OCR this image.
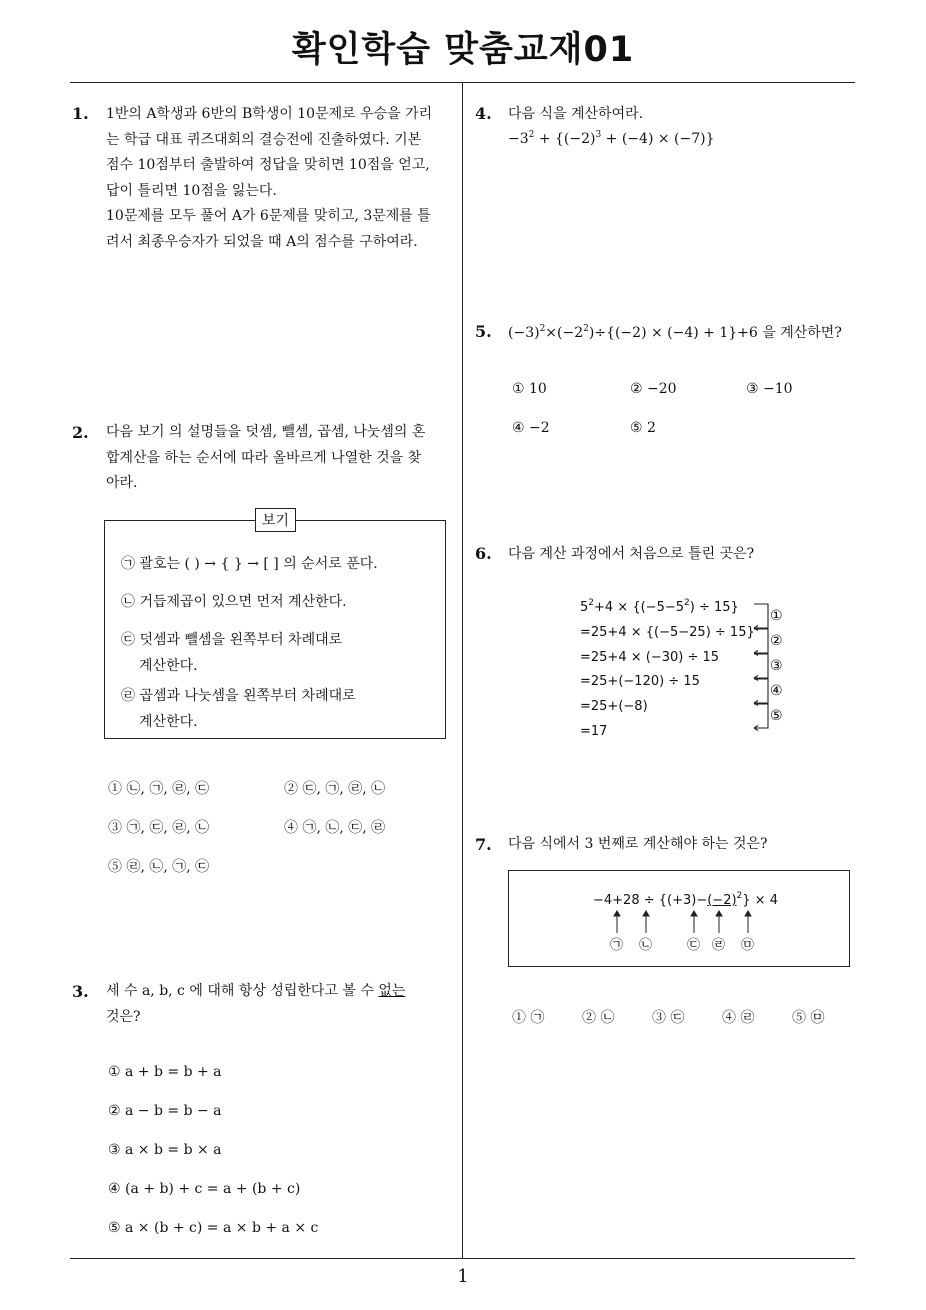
확인학습 맞춤교재01
1
1. 1반의 A학생과 6반의 B학생이 10문제로 우승을 가리
는 학급 대표 퀴즈대회의 결승전에 진출하였다. 기본
점수 10점부터 출발하여 정답을 맞히면 10점을 얻고,
답이 틀리면 10점을 잃는다.
10문제를 모두 풀어 A가 6문제를 맞히고, 3문제를 틀
려서 최종우승자가 되었을 때 A의 점수를 구하여라.
2. 다음 보기 의 설명들을 덧셈, 뺄셈, 곱셈, 나눗셈의 혼
합계산을 하는 순서에 따라 올바르게 나열한 것을 찾
아라.
보기
㉠ 괄호는 ( ) → { } → [ ] 의 순서로 푼다.
㉡ 거듭제곱이 있으면 먼저 계산한다.
㉢ 덧셈과 뺄셈을 왼쪽부터 차례대로
계산한다.
㉣ 곱셈과 나눗셈을 왼쪽부터 차례대로
계산한다.
① ㉡, ㉠, ㉣, ㉢	② ㉢, ㉠, ㉣, ㉡
③ ㉠, ㉢, ㉣, ㉡	④ ㉠, ㉡, ㉢, ㉣
⑤ ㉣, ㉡, ㉠, ㉢
3. 세 수 a, b, c 에 대해 항상 성립한다고 볼 수 없는
것은?
① a + b = b + a
② a − b = b − a
③ a × b = b × a
④ (a + b) + c = a + (b + c)
⑤ a × (b + c) = a × b + a × c
4. 다음 식을 계산하여라.
$-3^2 + \{(-2)^3 + (-4) \times (-7)\}$
5. $(-3)^2\times(-2^2)\div\{(-2) \times (-4) + 1\}+6$ 을 계산하면?
① 10	② −20	③ −10
④ −2	⑤ 2
6. 다음 계산 과정에서 처음으로 틀린 곳은?
$5^2+4 \times \{(-5-5^2) \div 15\}$
=25+4 × {(−5−25) ÷ 15}
=25+4 × (−30) ÷ 15
=25+(−120) ÷ 15
=25+(−8)
=17
①
②
③
④
⑤
7. 다음 식에서 3 번째로 계산해야 하는 것은?
$-4+28 \div \{(+3)-(-2)^2\} \times 4$
㉠ ㉡	㉢ ㉣ ㉤
① ㉠	② ㉡	③ ㉢	④ ㉣	⑤ ㉤
